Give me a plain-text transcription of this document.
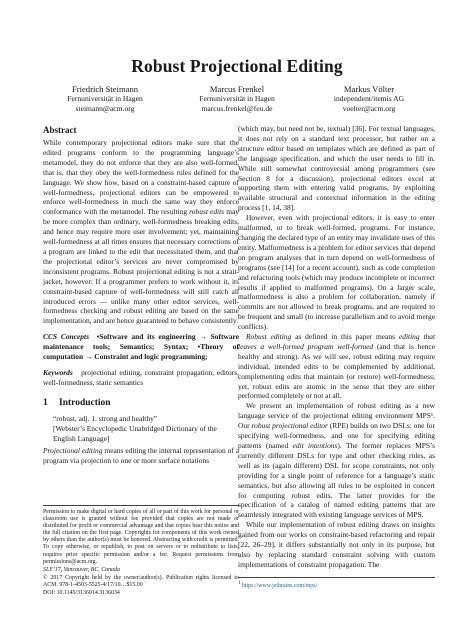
Robust Projectional Editing
Friedrich Steimann
Fernuniversität in Hagen
steimann@acm.org
Marcus Frenkel
Fernuniversität in Hagen
marcus.frenkel@feu.de
Markus Völter
independent/itemis AG
voelter@acm.org
Abstract

While contemporary projectional editors make sure that the edited programs conform to the programming language’s metamodel, they do not enforce that they are also well-formed, that is, that they obey the well-formedness rules defined for the language. We show how, based on a constraint-based capture of well-formedness, projectional editors can be empowered to enforce well-formedness in much the same way they enforce conformance with the metamodel. The resulting robust edits may be more complex than ordinary, well-formedness breaking edits, and hence may require more user involvement; yet, maintaining well-formedness at all times ensures that necessary corrections of a program are linked to the edit that necessitated them, and that the projectional editor’s services are never compromised by inconsistent programs. Robust projectional editing is not a strait-jacket, however: If a programmer prefers to work without it, its constraint-based capture of well-formedness will still catch all introduced errors — unlike many other editor services, well-formedness checking and robust editing are based on the same implementation, and are hence guaranteed to behave consistently.

CCS Concepts •Software and its engineering → Software maintenance tools; Semantics; Syntax; •Theory of computation → Constraint and logic programming;

Keywords projectional editing, constraint propagation, editors, well-formedness, static semantics

1 Introduction
“robust, adj. 1. strong and healthy”
[Webster’s Encyclopedic Unabridged Dictionary of the English Language]

Projectional editing means editing the internal representation of a program via projection to one or more surface notations

Permission to make digital or hard copies of all or part of this work for personal or classroom use is granted without fee provided that copies are not made or distributed for profit or commercial advantage and that copies bear this notice and the full citation on the first page. Copyrights for components of this work owned by others than the author(s) must be honored. Abstracting with credit is permitted. To copy otherwise, or republish, to post on servers or to redistribute to lists, requires prior specific permission and/or a fee. Request permissions from permissions@acm.org.

SLE’17, Vancouver, BC, Canada

© 2017 Copyright held by the owner/author(s). Publication rights licensed to ACM. 978-1-4503-5525-4/17/10…$15.00

DOI: 10.1145/3136014.3136034

(which may, but need not be, textual) [36]. For textual languages, it does not rely on a standard text processor, but rather on a structure editor based on templates which are defined as part of the language specification, and which the user needs to fill in. While still somewhat controversial among programmers (see Section 8 for a discussion), projectional editors excel at supporting them with entering valid programs, by exploiting available structural and contextual information in the editing process [1, 14, 38].

However, even with projectional editors, it is easy to enter malformed, or to break well-formed, programs. For instance, changing the declared type of an entity may invalidate uses of this entity. Malformedness is a problem for editor services that depend on program analyses that in turn depend on well-formedness of programs (see [14] for a recent account), such as code completion and refactoring tools (which may produce incomplete or incorrect results if applied to malformed programs). On a larger scale, malformedness is also a problem for collaboration, namely if commits are not allowed to break programs, and are required to be frequent and small (to increase parallelism and to avoid merge conflicts).

Robust editing as defined in this paper means editing that leaves a well-formed program well-formed (and that is hence healthy and strong). As we will see, robust editing may require individual, intended edits to be complemented by additional, complementing edits that maintain (or restore) well-formedness; yet, robust edits are atomic in the sense that they are either performed completely or not at all.

We present an implementation of robust editing as a new language service of the projectional editing environment MPS¹. Our robust projectional editor (RPE) builds on two DSLs: one for specifying well-formedness, and one for specifying editing patterns (named edit intentions). The former replaces MPS’s currently different DSLs for type and other checking rules, as well as its (again different) DSL for scope constraints, not only providing for a single point of reference for a language’s static semantics, but also allowing all rules to be exploited in concert for computing robust edits. The latter provides for the specification of a catalog of named editing patterns that are seamlessly integrated with existing language services of MPS.

While our implementation of robust editing draws on insights gained from our works on constraint-based refactoring and repair [22, 26–29], it differs substantially not only in its purpose, but also by replacing standard constraint solving with custom implementations of constraint propagation. The

$^1$ https://www.jetbrains.com/mps/
